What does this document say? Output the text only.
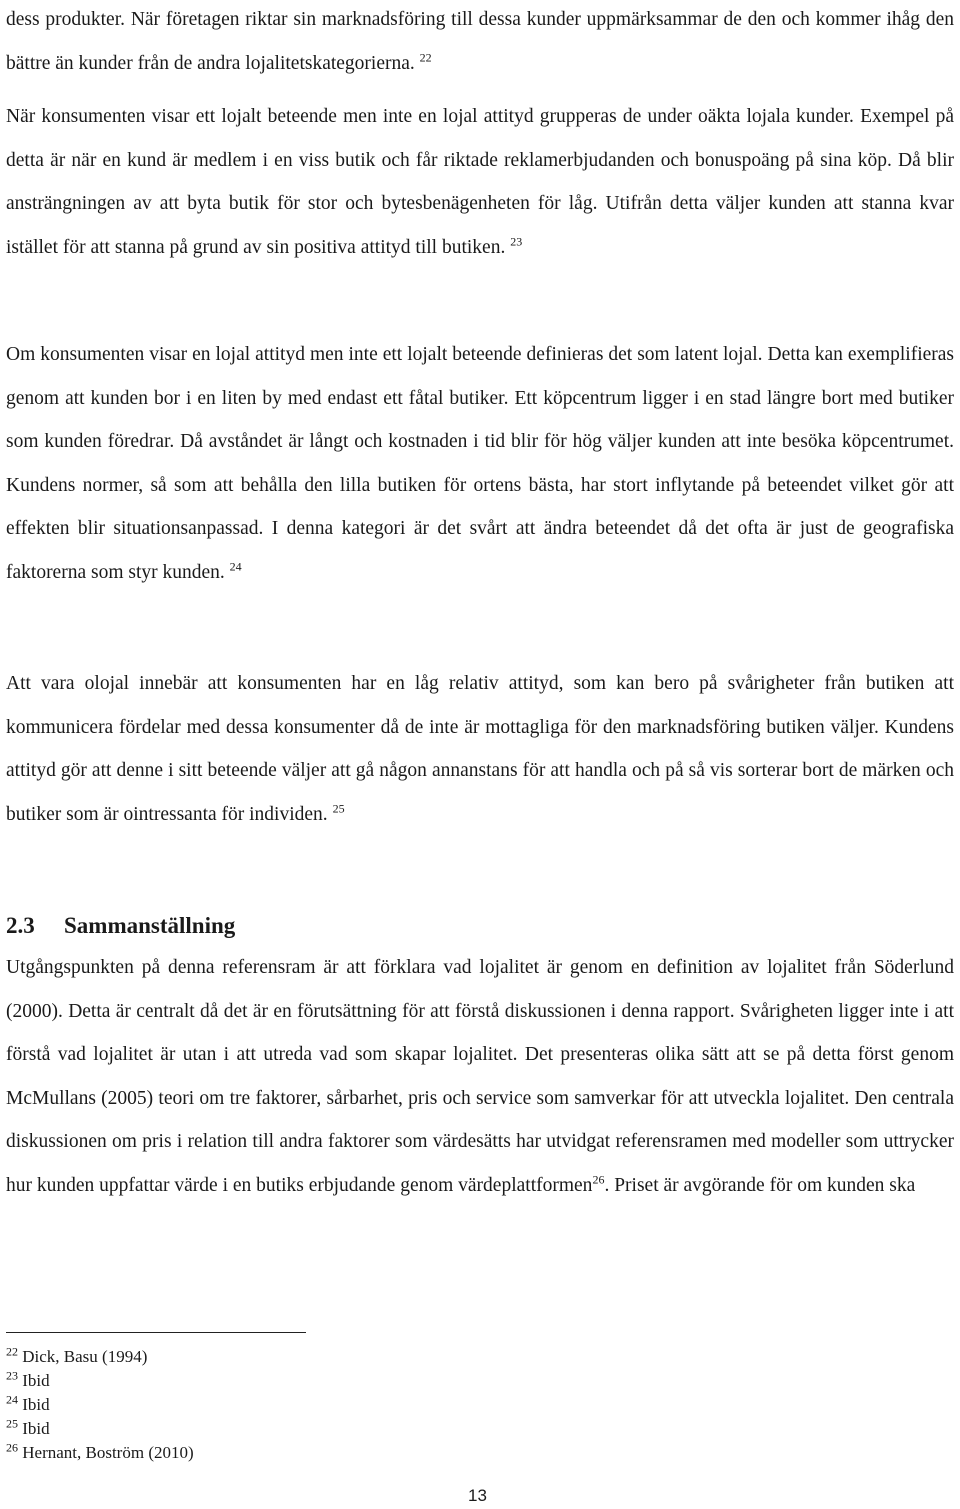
dess produkter. När företagen riktar sin marknadsföring till dessa kunder uppmärksammar de den och kommer ihåg den bättre än kunder från de andra lojalitetskategorierna. $^{22}$

När konsumenten visar ett lojalt beteende men inte en lojal attityd grupperas de under oäkta lojala kunder. Exempel på detta är när en kund är medlem i en viss butik och får riktade reklamerbjudanden och bonuspoäng på sina köp. Då blir ansträngningen av att byta butik för stor och bytesbenägenheten för låg. Utifrån detta väljer kunden att stanna kvar istället för att stanna på grund av sin positiva attityd till butiken. $^{23}$

Om konsumenten visar en lojal attityd men inte ett lojalt beteende definieras det som latent lojal. Detta kan exemplifieras genom att kunden bor i en liten by med endast ett fåtal butiker. Ett köpcentrum ligger i en stad längre bort med butiker som kunden föredrar. Då avståndet är långt och kostnaden i tid blir för hög väljer kunden att inte besöka köpcentrumet. Kundens normer, så som att behålla den lilla butiken för ortens bästa, har stort inflytande på beteendet vilket gör att effekten blir situationsanpassad. I denna kategori är det svårt att ändra beteendet då det ofta är just de geografiska faktorerna som styr kunden. $^{24}$

Att vara olojal innebär att konsumenten har en låg relativ attityd, som kan bero på svårigheter från butiken att kommunicera fördelar med dessa konsumenter då de inte är mottagliga för den marknadsföring butiken väljer. Kundens attityd gör att denne i sitt beteende väljer att gå någon annanstans för att handla och på så vis sorterar bort de märken och butiker som är ointressanta för individen. $^{25}$

2.3 Sammanställning

Utgångspunkten på denna referensram är att förklara vad lojalitet är genom en definition av lojalitet från Söderlund (2000). Detta är centralt då det är en förutsättning för att förstå diskussionen i denna rapport. Svårigheten ligger inte i att förstå vad lojalitet är utan i att utreda vad som skapar lojalitet. Det presenteras olika sätt att se på detta först genom McMullans (2005) teori om tre faktorer, sårbarhet, pris och service som samverkar för att utveckla lojalitet. Den centrala diskussionen om pris i relation till andra faktorer som värdesätts har utvidgat referensramen med modeller som uttrycker hur kunden uppfattar värde i en butiks erbjudande genom värdeplattformen$^{26}$. Priset är avgörande för om kunden ska

$^{22}$ Dick, Basu (1994)

$^{23}$ Ibid

$^{24}$ Ibid

$^{25}$ Ibid

$^{26}$ Hernant, Boström (2010)

13
